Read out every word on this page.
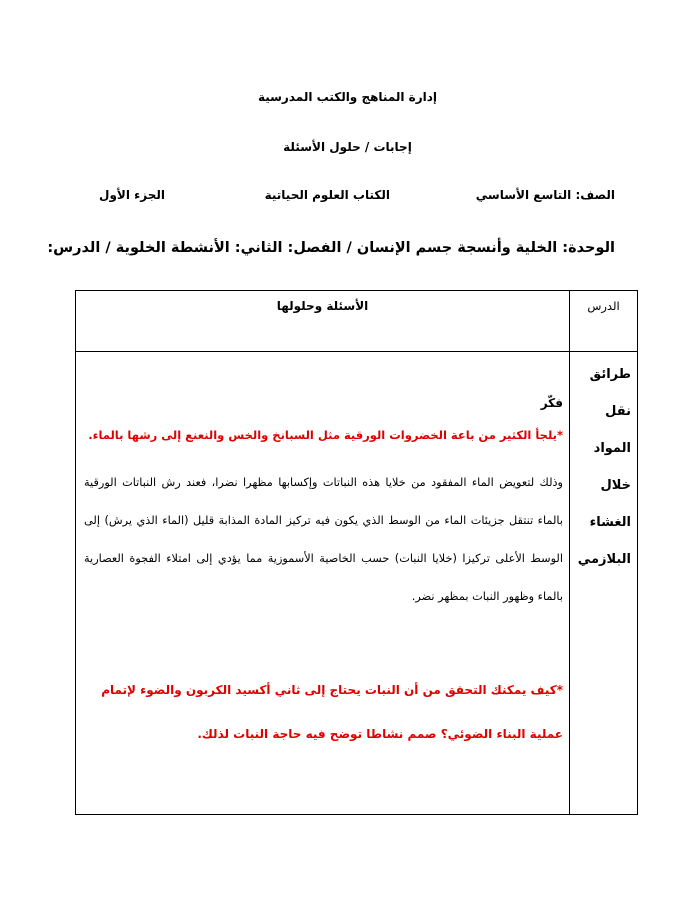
إدارة المناهج والكتب المدرسية
إجابات / حلول الأسئلة
الصف: التاسع الأساسي
الكتاب العلوم الحياتية
الجزء الأول
الوحدة: الخلية وأنسجة جسم الإنسان / الفصل: الثاني: الأنشطة الخلوية / الدرس:
الدرس	الأسئلة وحلولها
طرائق نقل المواد خلال الغشاء البلازمي	فكّر
*يلجأ الكثير من باعة الخضروات الورقية مثل السبانخ والخس والنعنع إلى رشها بالماء.
وذلك لتعويض الماء المفقود من خلايا هذه النباتات وإكسابها مظهرا نضرا، فعند رش النباتات الورقية بالماء تنتقل جزيئات الماء من الوسط الذي يكون فيه تركيز المادة المذابة قليل (الماء الذي يرش) إلى الوسط الأعلى تركيزا (خلايا النبات) حسب الخاصية الأسموزية مما يؤدي إلى امتلاء الفجوة العصارية بالماء وظهور النبات بمظهر نضر.
*كيف يمكنك التحقق من أن النبات يحتاج إلى ثاني أكسيد الكربون والضوء لإتمام عملية البناء الضوئي؟ صمم نشاطا توضح فيه حاجة النبات لذلك.
